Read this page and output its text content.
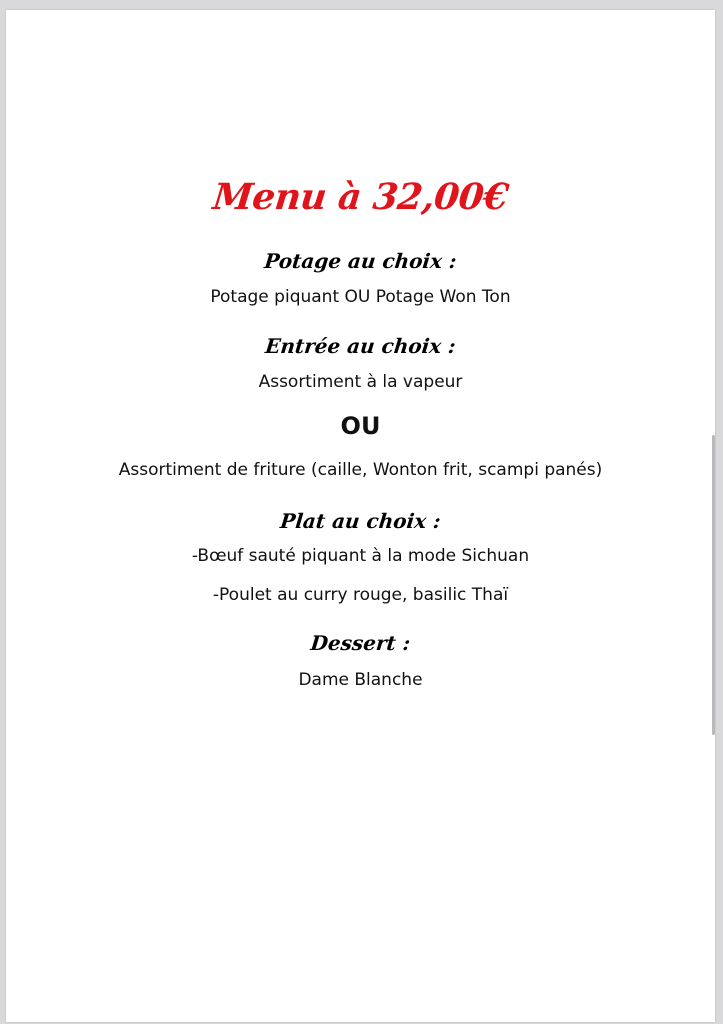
Menu à 32,00€
Potage au choix :
Potage piquant OU Potage Won Ton
Entrée au choix :
Assortiment à la vapeur
OU
Assortiment de friture (caille, Wonton frit, scampi panés)
Plat au choix :
-Bœuf sauté piquant à la mode Sichuan
-Poulet au curry rouge, basilic Thaï
Dessert :
Dame Blanche
